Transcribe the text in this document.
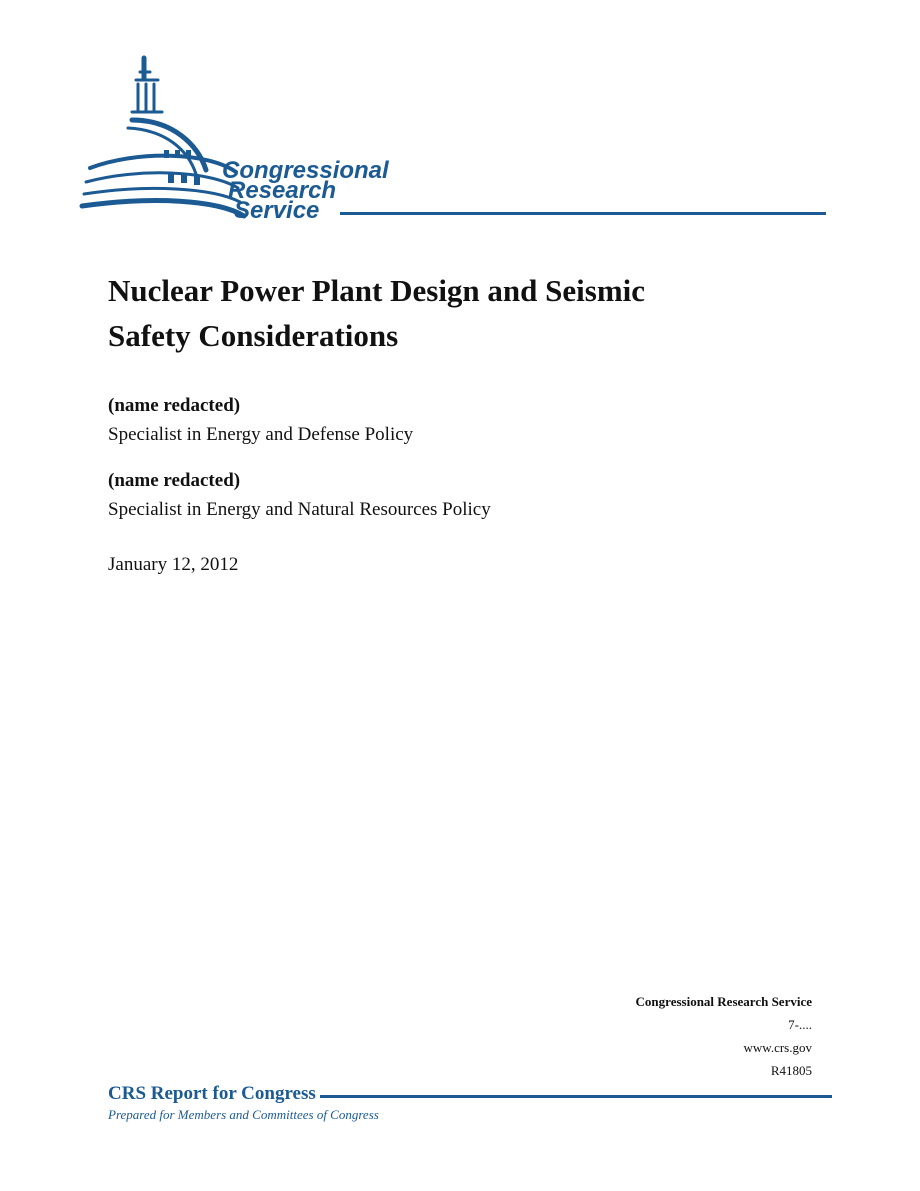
Congressional
Research
Service
Nuclear Power Plant Design and Seismic
Safety Considerations
(name redacted)
Specialist in Energy and Defense Policy
(name redacted)
Specialist in Energy and Natural Resources Policy
January 12, 2012
Congressional Research Service
7-....
www.crs.gov
R41805
CRS Report for Congress
Prepared for Members and Committees of Congress
